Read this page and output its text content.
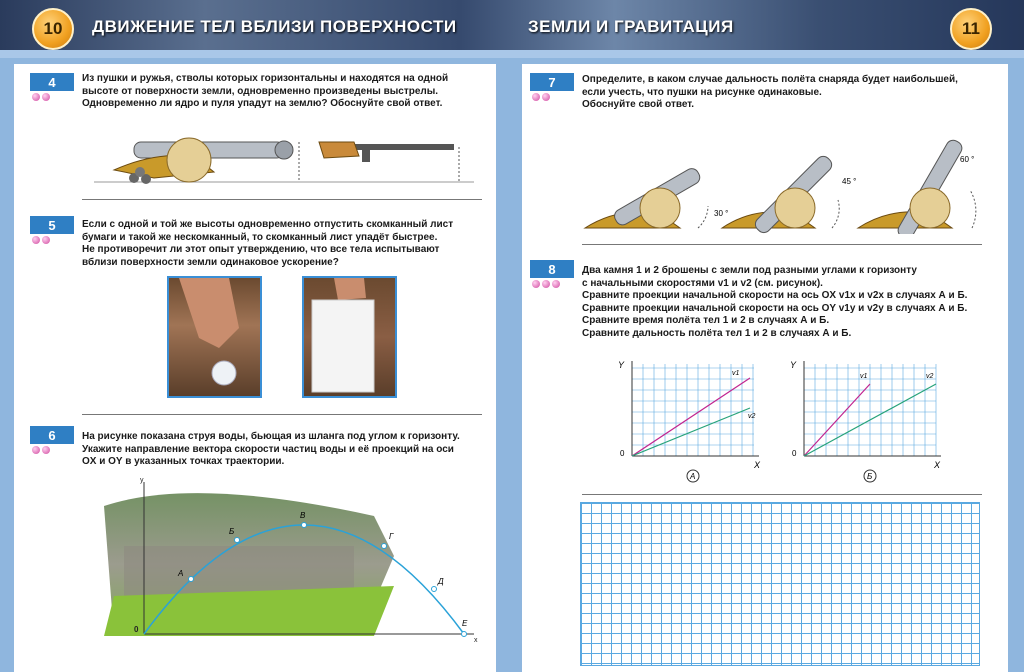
10	ДВИЖЕНИЕ ТЕЛ ВБЛИЗИ ПОВЕРХНОСТИ	ЗЕМЛИ И ГРАВИТАЦИЯ	11
4	Из пушки и ружья, стволы которых горизонтальны и находятся на одной

высоте от поверхности земли, одновременно произведены выстрелы.

Одновременно ли ядро и пуля упадут на землю? Обоснуйте свой ответ.

5	Если с одной и той же высоты одновременно отпустить скомканный лист

бумаги и такой же нескомканный, то скомканный лист упадёт быстрее.

Не противоречит ли этот опыт утверждению, что все тела испытывают

вблизи поверхности земли одинаковое ускорение?

6	На рисунке показана струя воды, бьющая из шланга под углом к горизонту.

Укажите направление вектора скорости частиц воды и её проекций на оси

OX и OY в указанных точках траектории.

y
x
0
А
Б
В
Г
Д
Е
7	Определите, в каком случае дальность полёта снаряда будет наибольшей,

если учесть, что пушки на рисунке одинаковые.

Обоснуйте свой ответ.

30 °
45 °
60 °
8	Два камня 1 и 2 брошены с земли под разными углами к горизонту

с начальными скоростями v1 и v2 (см. рисунок).

Сравните проекции начальной скорости на ось OX v1x и v2x в случаях А и Б.

Сравните проекции начальной скорости на ось OY v1y и v2y в случаях А и Б.

Сравните время полёта тел 1 и 2 в случаях А и Б.

Сравните дальность полёта тел 1 и 2 в случаях А и Б.

Y
X
0
v1
v2
А
Y
X
0
v1	v2
Б
